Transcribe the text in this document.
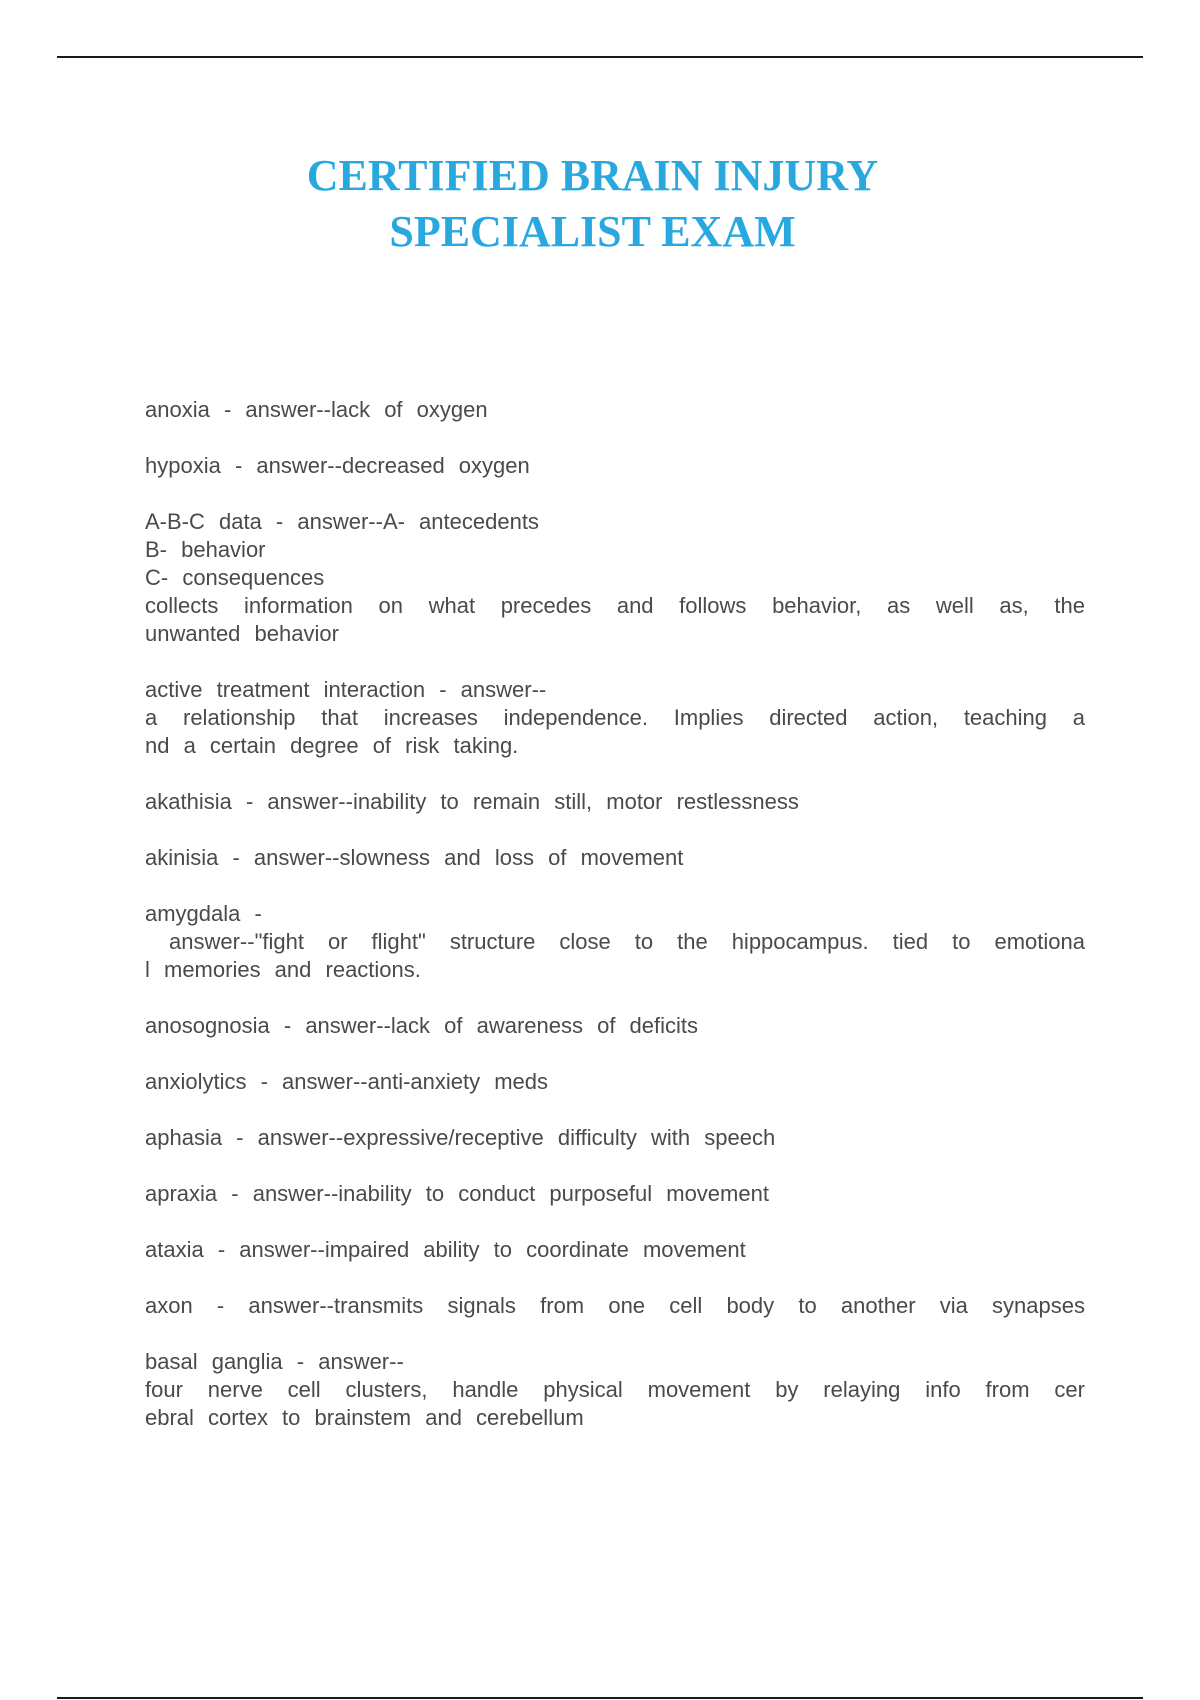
CERTIFIED BRAIN INJURY
SPECIALIST EXAM
anoxia - answer--lack of oxygen
hypoxia - answer--decreased oxygen
A-B-C data - answer--A- antecedents
B- behavior
C- consequences
collects information on what precedes and follows behavior, as well as, the
unwanted behavior
active treatment interaction - answer--
a relationship that increases independence. Implies directed action, teaching a
nd a certain degree of risk taking.
akathisia - answer--inability to remain still, motor restlessness
akinisia - answer--slowness and loss of movement
amygdala -
answer--"fight or flight" structure close to the hippocampus. tied to emotiona
l memories and reactions.
anosognosia - answer--lack of awareness of deficits
anxiolytics - answer--anti-anxiety meds
aphasia - answer--expressive/receptive difficulty with speech
apraxia - answer--inability to conduct purposeful movement
ataxia - answer--impaired ability to coordinate movement
axon - answer--transmits signals from one cell body to another via synapses
basal ganglia - answer--
four nerve cell clusters, handle physical movement by relaying info from cer
ebral cortex to brainstem and cerebellum
